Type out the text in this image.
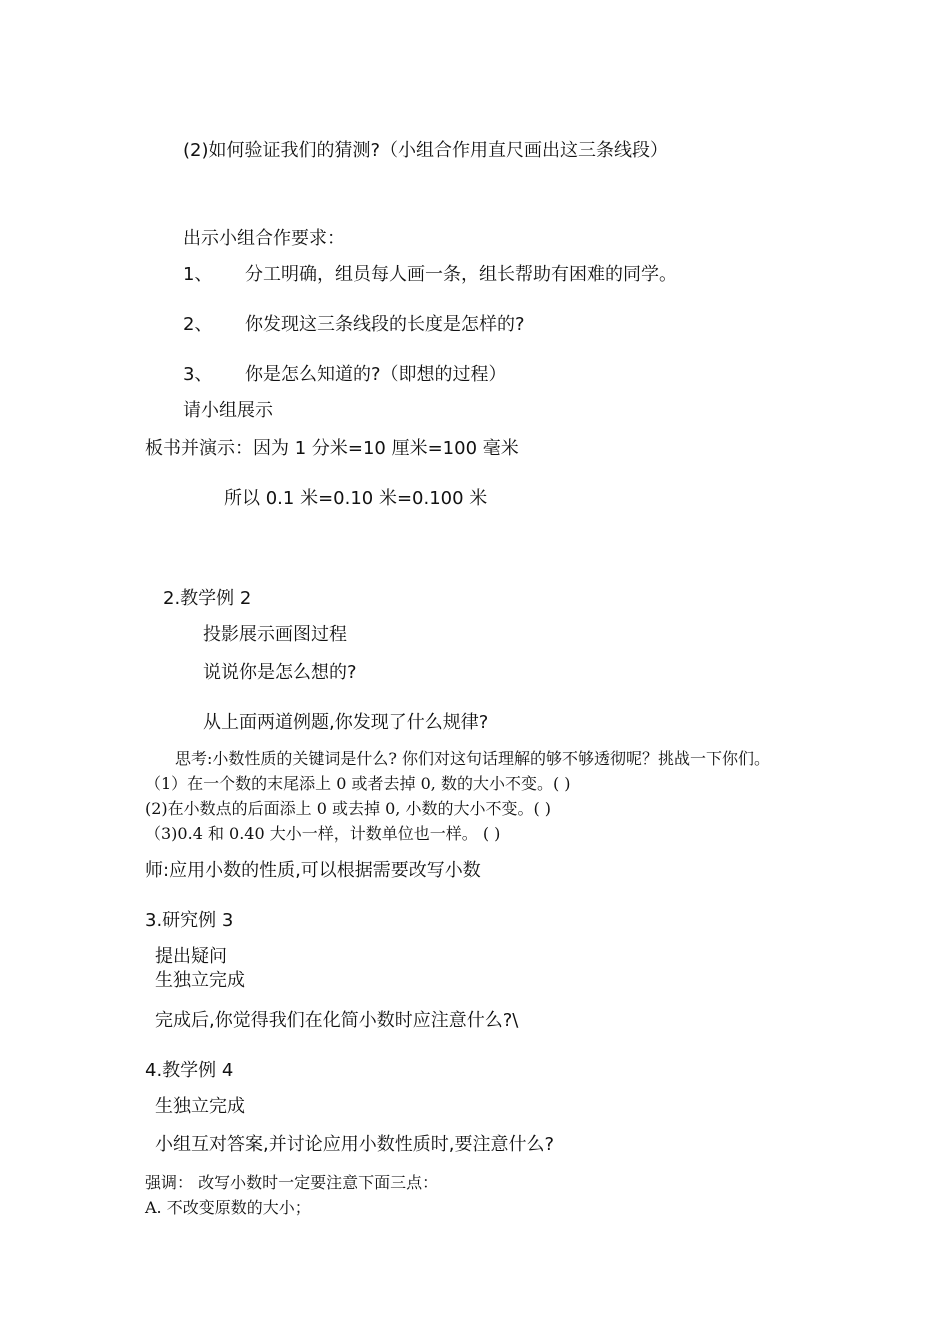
(2)如何验证我们的猜测?（小组合作用直尺画出这三条线段）
出示小组合作要求：
1、 分工明确，组员每人画一条，组长帮助有困难的同学。
2、 你发现这三条线段的长度是怎样的?
3、 你是怎么知道的?（即想的过程）
请小组展示
板书并演示：因为 1 分米=10 厘米=100 毫米
所以 0.1 米=0.10 米=0.100 米
2.教学例 2
投影展示画图过程
说说你是怎么想的?
从上面两道例题,你发现了什么规律?
思考:小数性质的关键词是什么? 你们对这句话理解的够不够透彻呢？挑战一下你们。
（1）在一个数的末尾添上 0 或者去掉 0, 数的大小不变。( )
(2)在小数点的后面添上 0 或去掉 0, 小数的大小不变。( )
（3)0.4 和 0.40 大小一样，计数单位也一样。 ( )
师:应用小数的性质,可以根据需要改写小数
3.研究例 3
提出疑问
生独立完成
完成后,你觉得我们在化简小数时应注意什么?\
4.教学例 4
生独立完成
小组互对答案,并讨论应用小数性质时,要注意什么?
强调： 改写小数时一定要注意下面三点：
A. 不改变原数的大小；
